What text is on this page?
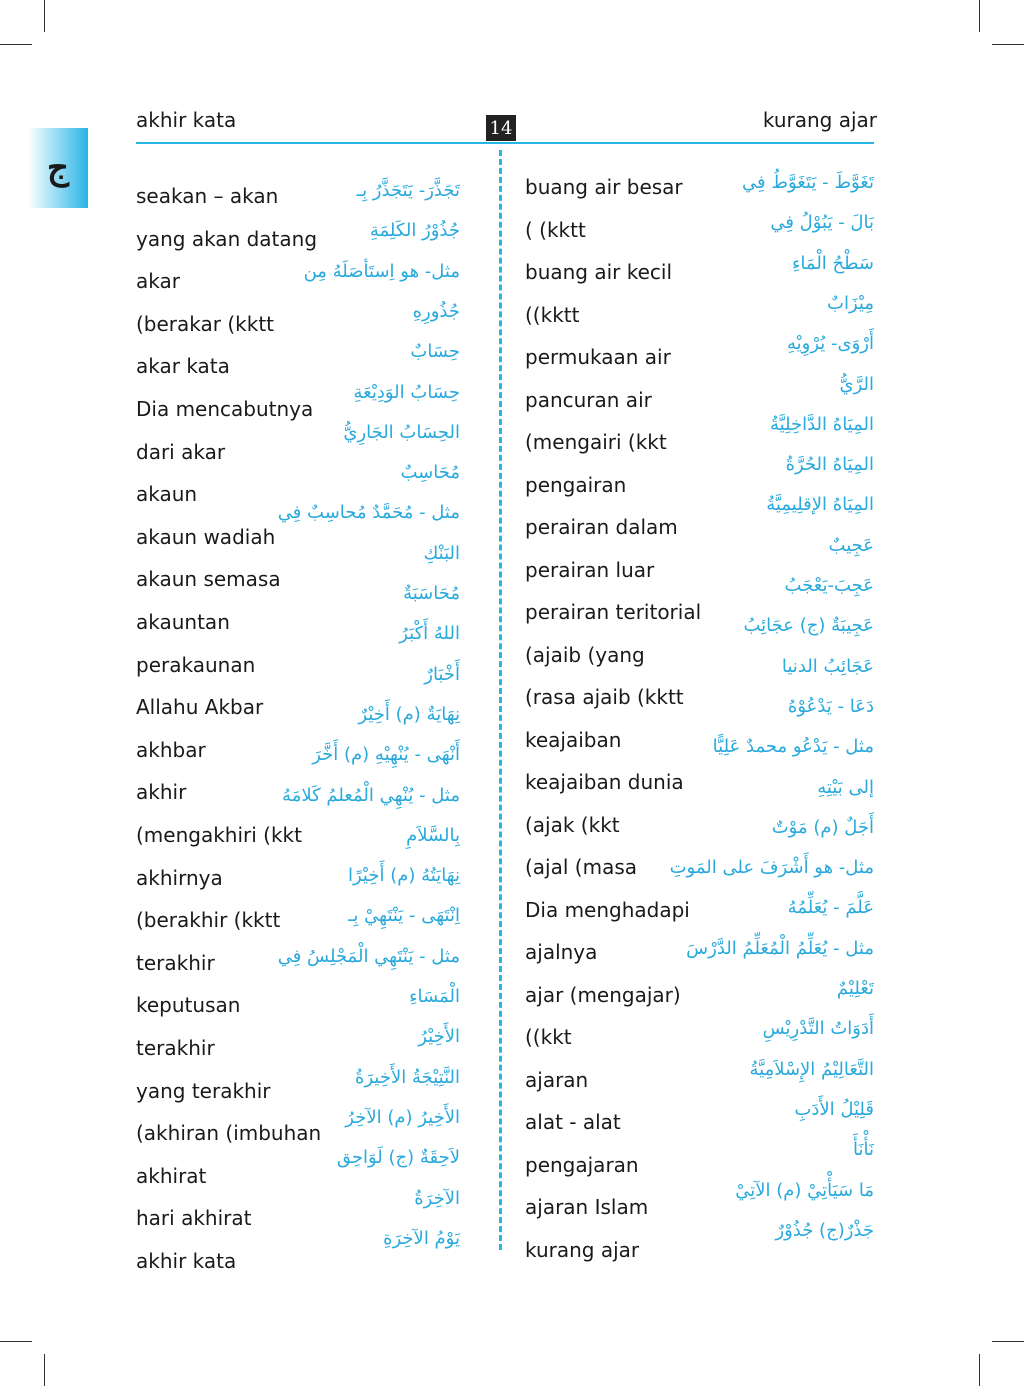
ج
akhir kata	14	kurang ajar
seakan – akan
yang akan datang
akar
(berakar (kktt
akar kata
Dia mencabutnya
dari akar
akaun
akaun wadiah
akaun semasa
akauntan
perakaunan
Allahu Akbar
akhbar
akhir
(mengakhiri (kkt
akhirnya
(berakhir (kktt
terakhir
keputusan
terakhir
yang terakhir
(akhiran (imbuhan
akhirat
hari akhirat
akhir kata
تَجَذَّرَ- يَتَجَذَّرُ بِـ
جُذُوْرُ الكَلِمَةِ
مثل- هو اِستَأصَلَهُ مِن
جُذُورِهِ
حِسَابٌ
حِسَابُ الوَدِيْعَةِ
الحِسَابُ الجَارِيُّ
مُحَاسِبٌ
مثل - مُحَمَّدٌ مُحاسِبٌ فِي
البَنْكِ
مُحَاسَبَةٌ
اللهُ أَكْبَرُ
أَخْبَارٌ
نِهَايَةٌ (م) أَخِيْرٌ
أَنْهَى - يُنْهِيْهِ (م) أَخَّرَ
مثل - يُنْهِي الْمُعلمُ كَلامَهُ
بِالسَّلاَمِ
نِهَايَتُهُ (م) أَخِيْرًا
اِنْتَهَى - يَنْتَهِيْ بِـ
مثل - يَنْتَهِي الْمَجْلِسُ فِي
الْمَسَاءِ
الأَخِيْرُ
النَّتِيْجَةُ الأَخِيرَةُ
الأَخِيرُ (م) الآخِرُ
لاَحِقَةٌ (ج) لَوَاحِق
الآخِرَةُ
يَوْمُ الآخِرَةِ
buang air besar
( (kktt
buang air kecil
((kktt
permukaan air
pancuran air
(mengairi (kkt
pengairan
perairan dalam
perairan luar
perairan teritorial
(ajaib (yang
(rasa ajaib (kktt
keajaiban
keajaiban dunia
(ajak (kkt
(ajal (masa
Dia menghadapi
ajalnya
ajar (mengajar)
((kkt
ajaran
alat - alat
pengajaran
ajaran Islam
kurang ajar
تَغَوَّطَ - يَتَغَوَّطُ فِي
بَالَ - يَبُوْلُ فِي
سَطْحُ الْمَاءِ
مِيْزَابٌ
أَرْوَى- يُرْوِيْهِ
الرَّيُّ
المِيَاهُ الدَّاخِلِيَّةُ
المِيَاهُ الحُرَّةُ
المِيَاهُ الإقلِيمِيَّةُ
عَجِيبٌ
عَجِبَ-يَعْجَبُ
عَجِيبَةٌ (ج) عجَائِبُ
عَجَائِبُ الدنيا
دَعَا - يَدْعُوْهُ
مثل - يَدْعُو محمدٌ عَلِيًّا
إلى بَيْتِهِ
أَجَلٌ (م) مَوْتٌ
مثل- هو أَشْرَفَ على المَوتِ
عَلَّمَ - يُعَلِّمُهُ
مثل - يُعَلِّمُ الْمُعَلِّمُ الدَّرْسَ
تَعْلِيْمٌ
أَدَوَاتُ التَّدْرِيْسِ
التَّعَالِيْمُ الإِسْلاَمِيَّةُ
قَلِيْلُ الأَدَبِ
نَأْنَأَ
مَا سَيَأْتِيْ (م) الآتِيْ
جَذْرٌ(ج) جُذُوْرٌ
